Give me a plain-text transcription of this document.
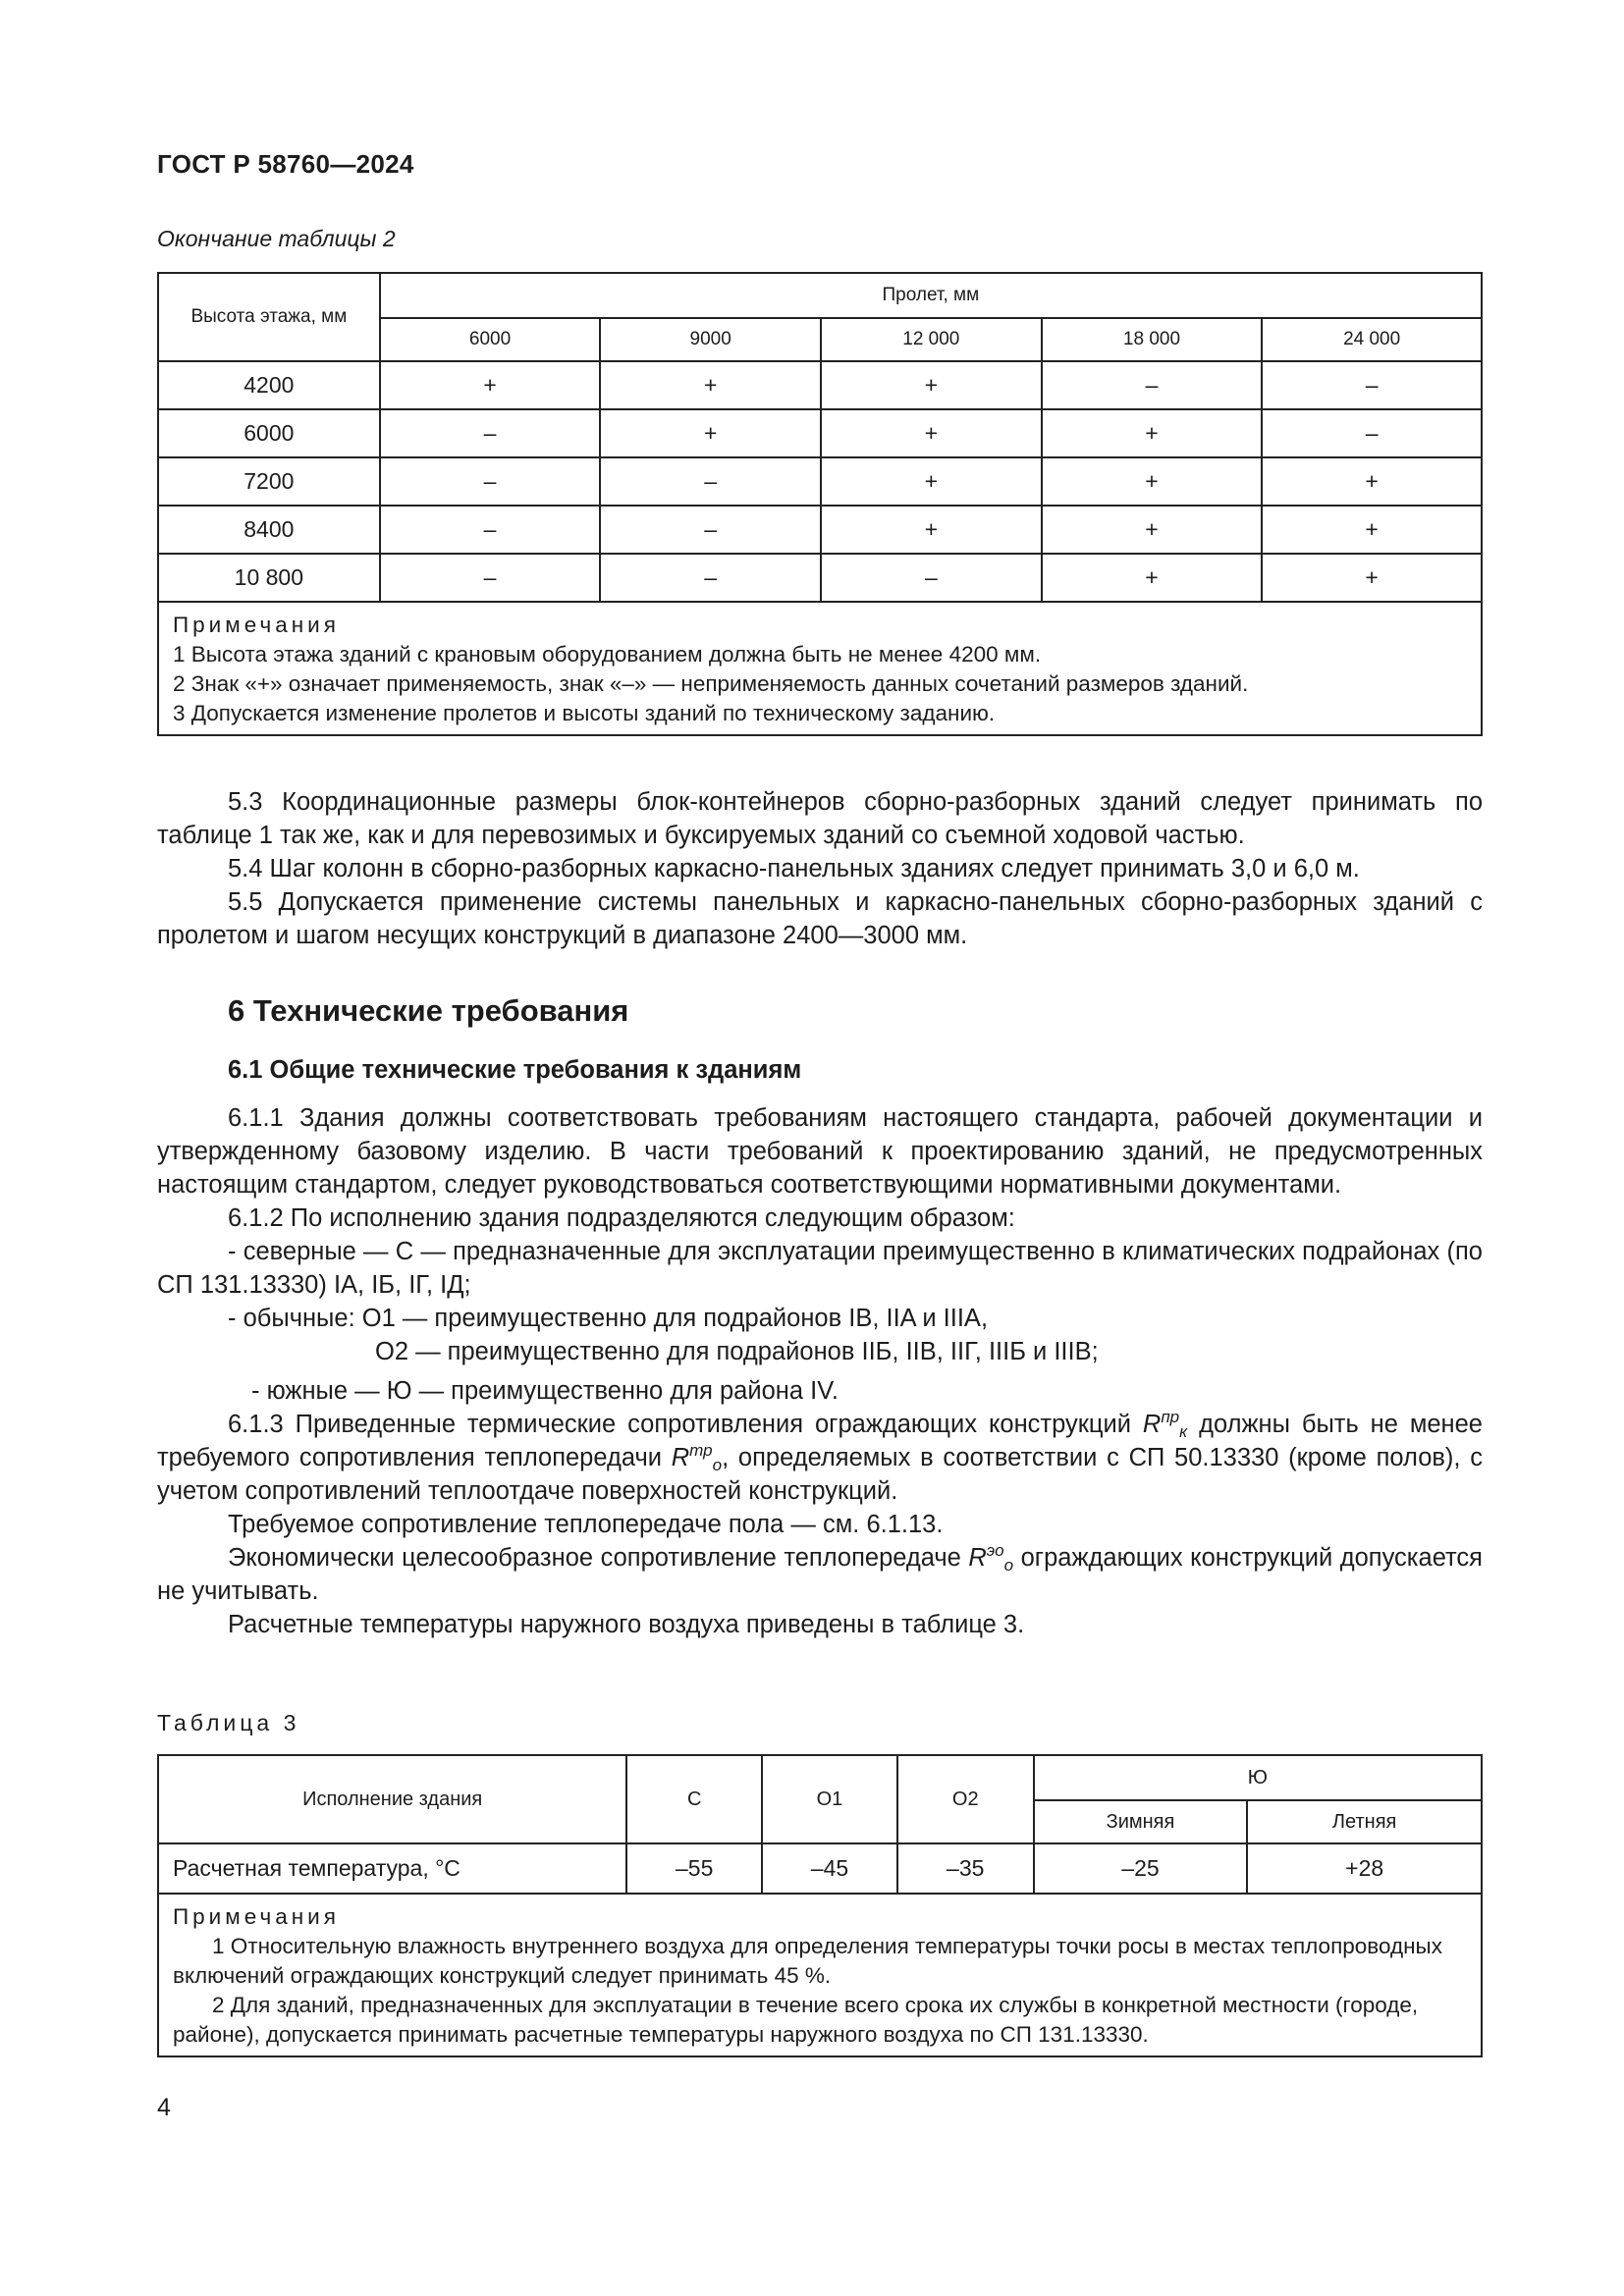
ГОСТ Р 58760—2024
Окончание таблицы 2
Высота этажа, мм	Пролет, мм				
	6000	9000	12 000	18 000	24 000
4200	+	+	+	–	–
6000	–	+	+	+	–
7200	–	–	+	+	+
8400	–	–	+	+	+
10 800	–	–	–	+	+

Примечания
1 Высота этажа зданий с крановым оборудованием должна быть не менее 4200 мм.
2 Знак «+» означает применяемость, знак «–» — неприменяемость данных сочетаний размеров зданий.
3 Допускается изменение пролетов и высоты зданий по техническому заданию.					

5.3 Координационные размеры блок-контейнеров сборно-разборных зданий следует принимать по таблице 1 так же, как и для перевозимых и буксируемых зданий со съемной ходовой частью.

5.4 Шаг колонн в сборно-разборных каркасно-панельных зданиях следует принимать 3,0 и 6,0 м.

5.5 Допускается применение системы панельных и каркасно-панельных сборно-разборных зданий с пролетом и шагом несущих конструкций в диапазоне 2400—3000 мм.

6 Технические требования
6.1 Общие технические требования к зданиям

6.1.1 Здания должны соответствовать требованиям настоящего стандарта, рабочей документации и утвержденному базовому изделию. В части требований к проектированию зданий, не предусмотренных настоящим стандартом, следует руководствоваться соответствующими нормативными документами.

6.1.2 По исполнению здания подразделяются следующим образом:

- северные — С — предназначенные для эксплуатации преимущественно в климатических подрайонах (по СП 131.13330) IA, IБ, IГ, IД;

- обычные: О1 — преимущественно для подрайонов IB, IIA и IIIA,

О2 — преимущественно для подрайонов IIБ, IIB, IIГ, IIIБ и IIIB;

- южные — Ю — преимущественно для района IV.

6.1.3 Приведенные термические сопротивления ограждающих конструкций $R^{пр}_к$ должны быть не менее требуемого сопротивления теплопередачи $R^{тр}_о$, определяемых в соответствии с СП 50.13330 (кроме полов), с учетом сопротивлений теплоотдаче поверхностей конструкций.

Требуемое сопротивление теплопередаче пола — см. 6.1.13.

Экономически целесообразное сопротивление теплопередаче $R^{эо}_о$ ограждающих конструкций допускается не учитывать.

Расчетные температуры наружного воздуха приведены в таблице 3.

Таблица 3
Исполнение здания	С	О1	О2	Ю	
				Зимняя	Летняя
Расчетная температура, °С	–55	–45	–35	–25	+28

Примечания
1 Относительную влажность внутреннего воздуха для определения температуры точки росы в местах теплопроводных включений ограждающих конструкций следует принимать 45 %.
2 Для зданий, предназначенных для эксплуатации в течение всего срока их службы в конкретной местности (городе, районе), допускается принимать расчетные температуры наружного воздуха по СП 131.13330.					
4
